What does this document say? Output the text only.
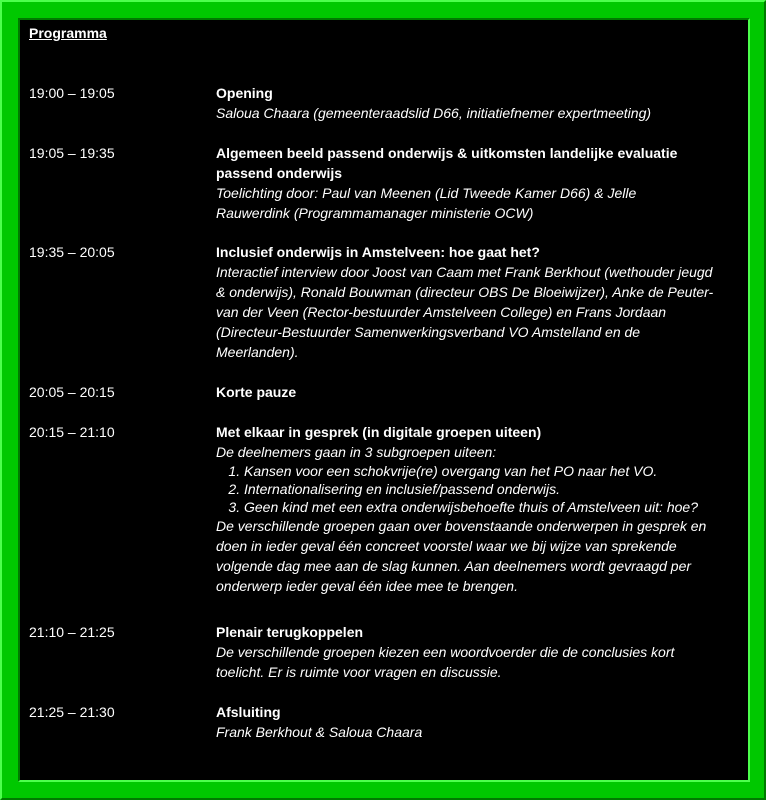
Programma
19:00 – 19:05	Opening
Saloua Chaara (gemeenteraadslid D66, initiatiefnemer expertmeeting)
19:05 – 19:35	Algemeen beeld passend onderwijs & uitkomsten landelijke evaluatie passend onderwijs
Toelichting door: Paul van Meenen (Lid Tweede Kamer D66) & Jelle Rauwerdink (Programmamanager ministerie OCW)
19:35 – 20:05	Inclusief onderwijs in Amstelveen: hoe gaat het?
Interactief interview door Joost van Caam met Frank Berkhout (wethouder jeugd & onderwijs), Ronald Bouwman (directeur OBS De Bloeiwijzer), Anke de Peuter-van der Veen (Rector-bestuurder Amstelveen College) en Frans Jordaan (Directeur-Bestuurder Samenwerkingsverband VO Amstelland en de Meerlanden).
20:05 – 20:15	Korte pauze
20:15 – 21:10	Met elkaar in gesprek (in digitale groepen uiteen)
De deelnemers gaan in 3 subgroepen uiteen:
1. Kansen voor een schokvrije(re) overgang van het PO naar het VO.
2. Internationalisering en inclusief/passend onderwijs.
3. Geen kind met een extra onderwijsbehoefte thuis of Amstelveen uit: hoe?
De verschillende groepen gaan over bovenstaande onderwerpen in gesprek en doen in ieder geval één concreet voorstel waar we bij wijze van sprekende volgende dag mee aan de slag kunnen. Aan deelnemers wordt gevraagd per onderwerp ieder geval één idee mee te brengen.
21:10 – 21:25	Plenair terugkoppelen
De verschillende groepen kiezen een woordvoerder die de conclusies kort toelicht. Er is ruimte voor vragen en discussie.
21:25 – 21:30	Afsluiting
Frank Berkhout & Saloua Chaara
